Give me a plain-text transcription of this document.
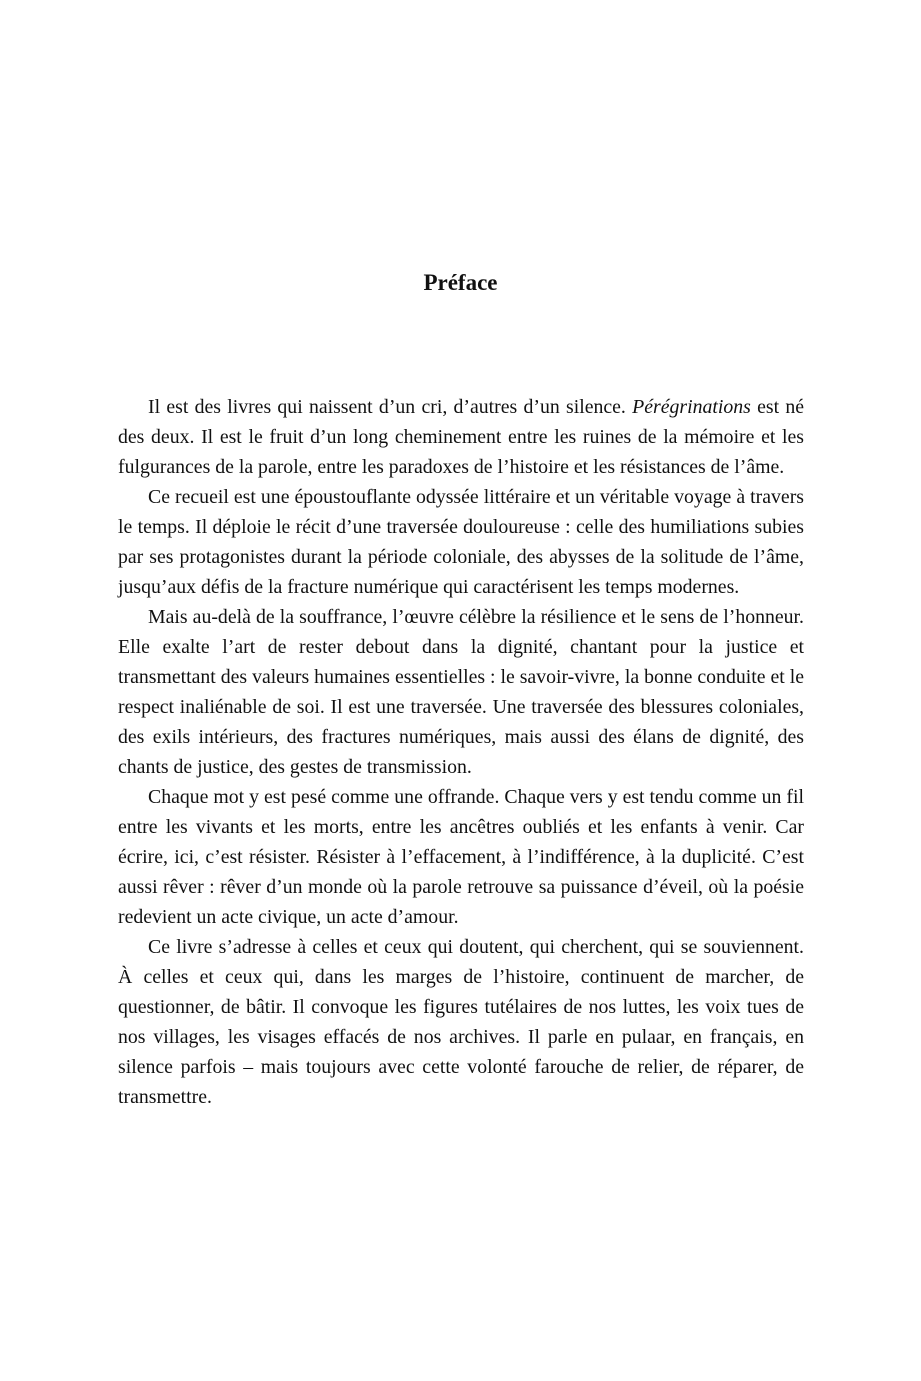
Préface

Il est des livres qui naissent d’un cri, d’autres d’un silence. Pérégrinations est né des deux. Il est le fruit d’un long cheminement entre les ruines de la mémoire et les fulgurances de la parole, entre les paradoxes de l’histoire et les résistances de l’âme.

Ce recueil est une époustouflante odyssée littéraire et un véritable voyage à travers le temps. Il déploie le récit d’une traversée douloureuse : celle des humiliations subies par ses protagonistes durant la période coloniale, des abysses de la solitude de l’âme, jusqu’aux défis de la fracture numérique qui caractérisent les temps modernes.

Mais au-delà de la souffrance, l’œuvre célèbre la résilience et le sens de l’honneur. Elle exalte l’art de rester debout dans la dignité, chantant pour la justice et transmettant des valeurs humaines essentielles : le savoir-vivre, la bonne conduite et le respect inaliénable de soi. Il est une traversée. Une traversée des blessures coloniales, des exils intérieurs, des fractures numériques, mais aussi des élans de dignité, des chants de justice, des gestes de transmission.

Chaque mot y est pesé comme une offrande. Chaque vers y est tendu comme un fil entre les vivants et les morts, entre les ancêtres oubliés et les enfants à venir. Car écrire, ici, c’est résister. Résister à l’effacement, à l’indifférence, à la duplicité. C’est aussi rêver : rêver d’un monde où la parole retrouve sa puissance d’éveil, où la poésie redevient un acte civique, un acte d’amour.

Ce livre s’adresse à celles et ceux qui doutent, qui cherchent, qui se souviennent. À celles et ceux qui, dans les marges de l’histoire, continuent de marcher, de questionner, de bâtir. Il convoque les figures tutélaires de nos luttes, les voix tues de nos villages, les visages effacés de nos archives. Il parle en pulaar, en français, en silence parfois – mais toujours avec cette volonté farouche de relier, de réparer, de transmettre.
